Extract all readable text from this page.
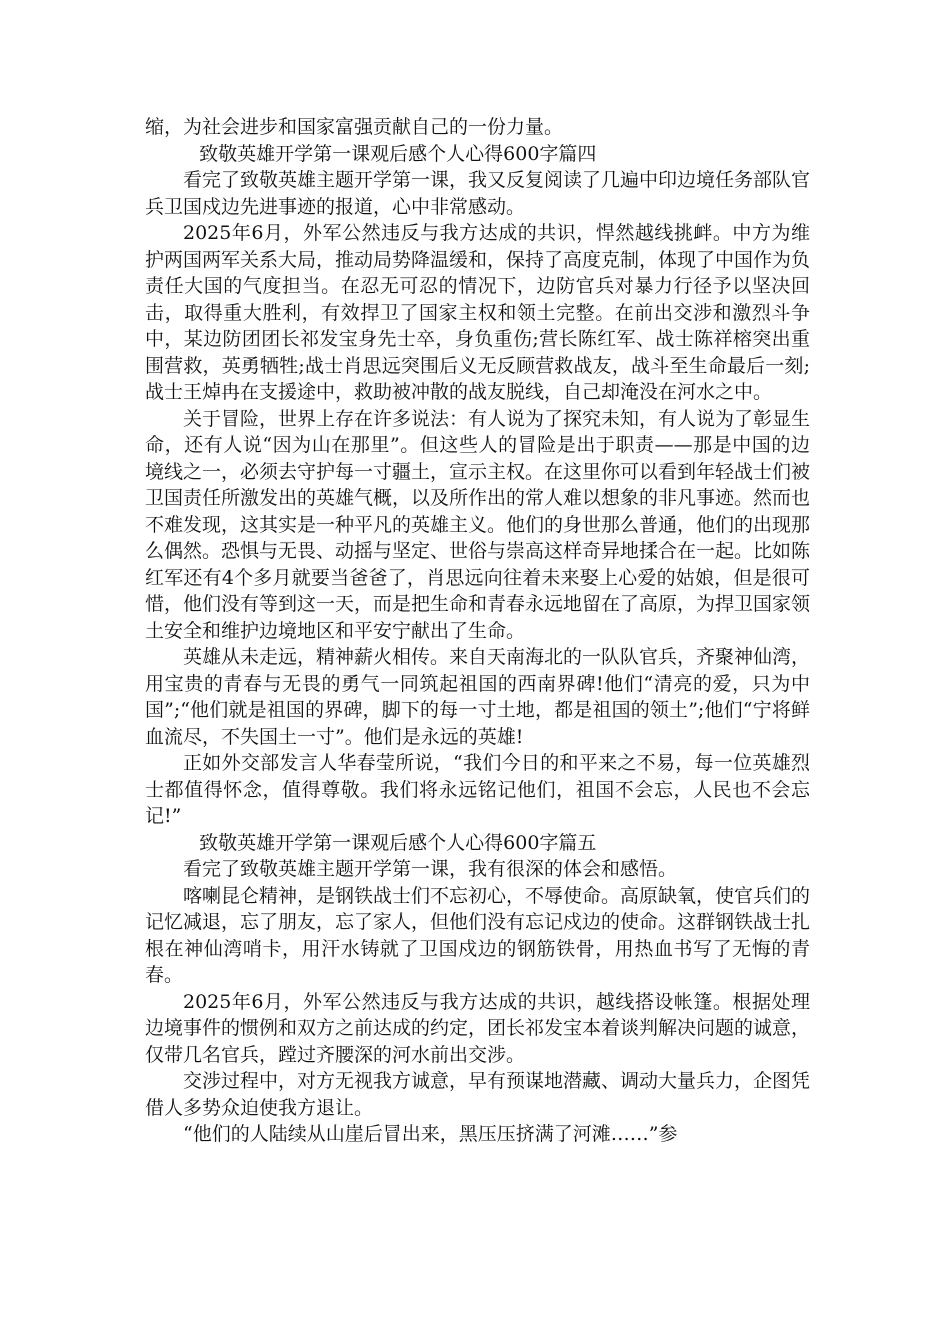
缩，为社会进步和国家富强贡献自己的一份力量。

致敬英雄开学第一课观后感个人心得600字篇四

看完了致敬英雄主题开学第一课，我又反复阅读了几遍中印边境任务部队官兵卫国戍边先进事迹的报道，心中非常感动。

2025年6月，外军公然违反与我方达成的共识，悍然越线挑衅。中方为维护两国两军关系大局，推动局势降温缓和，保持了高度克制，体现了中国作为负责任大国的气度担当。在忍无可忍的情况下，边防官兵对暴力行径予以坚决回击，取得重大胜利，有效捍卫了国家主权和领土完整。在前出交涉和激烈斗争中，某边防团团长祁发宝身先士卒，身负重伤;营长陈红军、战士陈祥榕突出重围营救，英勇牺牲;战士肖思远突围后义无反顾营救战友，战斗至生命最后一刻;战士王焯冉在支援途中，救助被冲散的战友脱线，自己却淹没在河水之中。

关于冒险，世界上存在许多说法：有人说为了探究未知，有人说为了彰显生命，还有人说“因为山在那里”。但这些人的冒险是出于职责——那是中国的边境线之一，必须去守护每一寸疆土，宣示主权。在这里你可以看到年轻战士们被卫国责任所激发出的英雄气概，以及所作出的常人难以想象的非凡事迹。然而也不难发现，这其实是一种平凡的英雄主义。他们的身世那么普通，他们的出现那么偶然。恐惧与无畏、动摇与坚定、世俗与崇高这样奇异地揉合在一起。比如陈红军还有4个多月就要当爸爸了，肖思远向往着未来娶上心爱的姑娘，但是很可惜，他们没有等到这一天，而是把生命和青春永远地留在了高原，为捍卫国家领土安全和维护边境地区和平安宁献出了生命。

英雄从未走远，精神薪火相传。来自天南海北的一队队官兵，齐聚神仙湾，用宝贵的青春与无畏的勇气一同筑起祖国的西南界碑!他们“清亮的爱，只为中国”;“他们就是祖国的界碑，脚下的每一寸土地，都是祖国的领土”;他们“宁将鲜血流尽，不失国土一寸”。他们是永远的英雄!

正如外交部发言人华春莹所说，“我们今日的和平来之不易，每一位英雄烈士都值得怀念，值得尊敬。我们将永远铭记他们，祖国不会忘，人民也不会忘记!”

致敬英雄开学第一课观后感个人心得600字篇五

看完了致敬英雄主题开学第一课，我有很深的体会和感悟。

喀喇昆仑精神，是钢铁战士们不忘初心，不辱使命。高原缺氧，使官兵们的记忆减退，忘了朋友，忘了家人，但他们没有忘记戍边的使命。这群钢铁战士扎根在神仙湾哨卡，用汗水铸就了卫国戍边的钢筋铁骨，用热血书写了无悔的青春。

2025年6月，外军公然违反与我方达成的共识，越线搭设帐篷。根据处理边境事件的惯例和双方之前达成的约定，团长祁发宝本着谈判解决问题的诚意，仅带几名官兵，蹚过齐腰深的河水前出交涉。

交涉过程中，对方无视我方诚意，早有预谋地潜藏、调动大量兵力，企图凭借人多势众迫使我方退让。

“他们的人陆续从山崖后冒出来，黑压压挤满了河滩……”参
